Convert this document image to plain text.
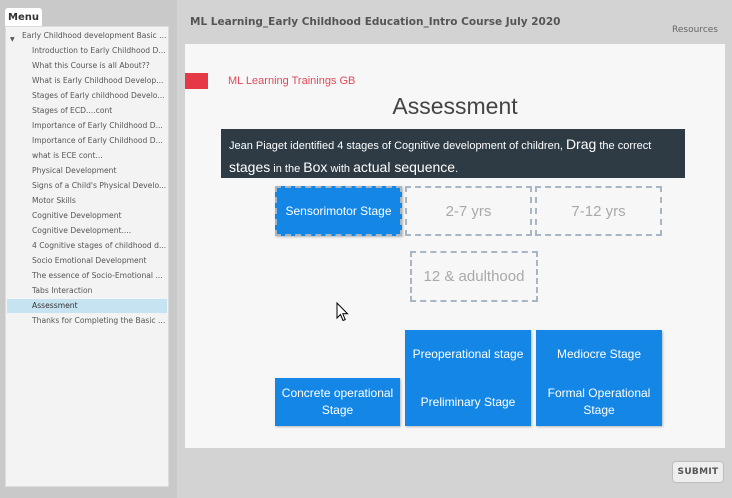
Menu
▼ Early Childhood development Basic ...
Introduction to Early Childhood D...
What this Course is all About??
What is Early Childhood Develop...
Stages of Early childhood Develo...
Stages of ECD....cont
Importance of Early Childhood D...
Importance of Early Childhood D...
what is ECE cont...
Physical Development
Signs of a Child's Physical Develo...
Motor Skills
Cognitive Development
Cognitive Development....
4 Cognitive stages of childhood d...
Socio Emotional Development
The essence of Socio-Emotional ...
Tabs Interaction
Assessment
Thanks for Completing the Basic ...
ML Learning_Early Childhood Education_Intro Course July 2020
Resources
ML Learning Trainings GB
Assessment
Jean Piaget identified 4 stages of Cognitive development of children, Drag the correct
stages in the Box with actual sequence.
Sensorimotor Stage	2-7 yrs	7-12 yrs
12 & adulthood
Preoperational stage	Mediocre Stage
Concrete operational Stage
Preliminary Stage
Formal Operational Stage
SUBMIT
